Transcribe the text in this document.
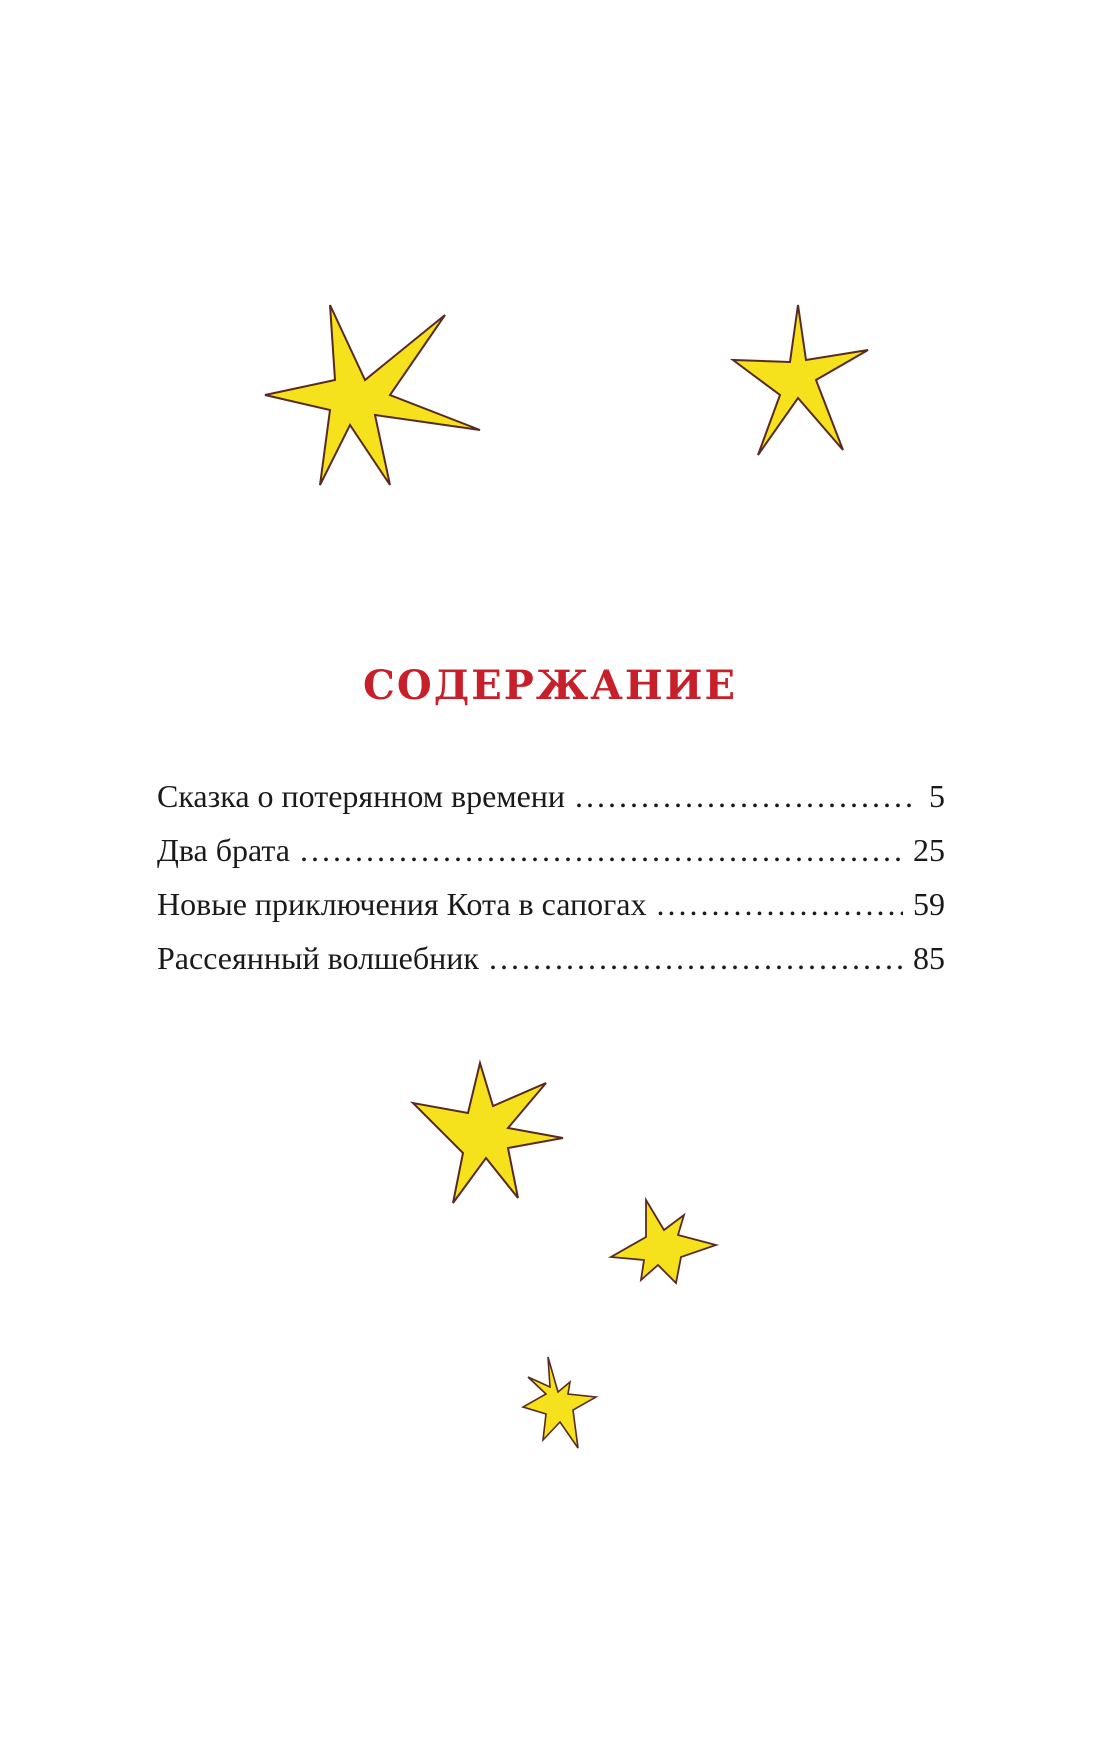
СОДЕРЖАНИЕ
Сказка о потерянном времени .....	5
Два брата .....	25
Новые приключения Кота в сапогах .....	59
Рассеянный волшебник .....	85
